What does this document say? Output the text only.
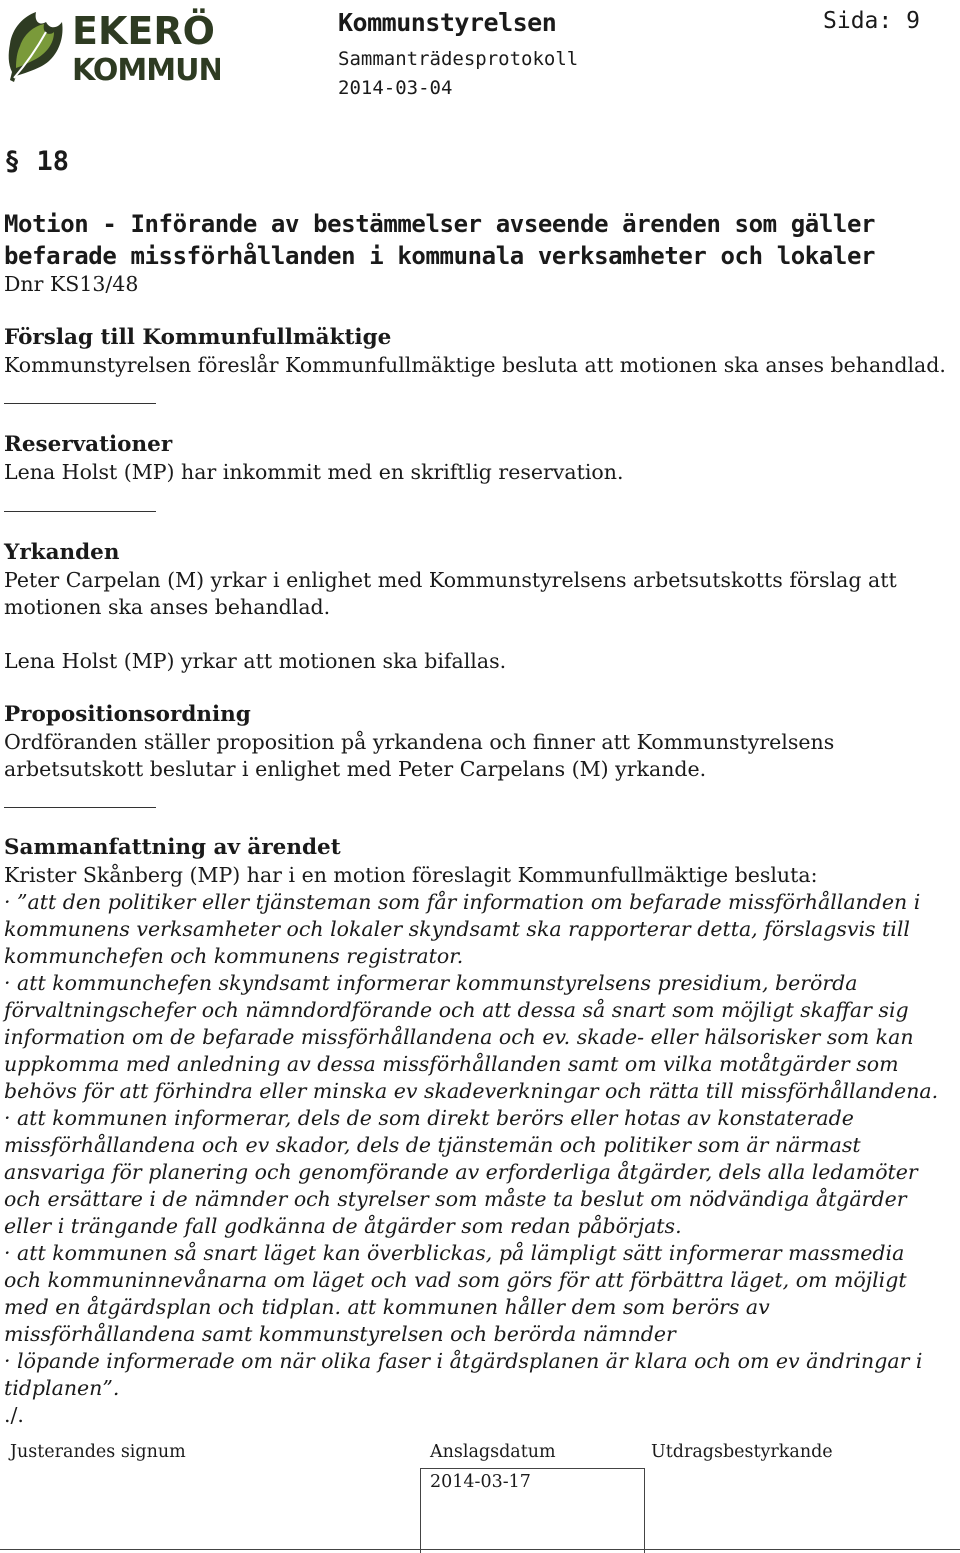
EKERÖ
KOMMUN
Kommunstyrelsen	Sida: 9
Sammanträdesprotokoll
2014-03-04
§ 18
Motion - Införande av bestämmelser avseende ärenden som gäller
befarade missförhållanden i kommunala verksamheter och lokaler
Dnr KS13/48
Förslag till Kommunfullmäktige
Kommunstyrelsen föreslår Kommunfullmäktige besluta att motionen ska anses behandlad.
Reservationer
Lena Holst (MP) har inkommit med en skriftlig reservation.
Yrkanden
Peter Carpelan (M) yrkar i enlighet med Kommunstyrelsens arbetsutskotts förslag att
motionen ska anses behandlad.
Lena Holst (MP) yrkar att motionen ska bifallas.
Propositionsordning
Ordföranden ställer proposition på yrkandena och finner att Kommunstyrelsens
arbetsutskott beslutar i enlighet med Peter Carpelans (M) yrkande.
Sammanfattning av ärendet
Krister Skånberg (MP) har i en motion föreslagit Kommunfullmäktige besluta:
· ”att den politiker eller tjänsteman som får information om befarade missförhållanden i
kommunens verksamheter och lokaler skyndsamt ska rapporterar detta, förslagsvis till
kommunchefen och kommunens registrator.
· att kommunchefen skyndsamt informerar kommunstyrelsens presidium, berörda
förvaltningschefer och nämndordförande och att dessa så snart som möjligt skaffar sig
information om de befarade missförhållandena och ev. skade- eller hälsorisker som kan
uppkomma med anledning av dessa missförhållanden samt om vilka motåtgärder som
behövs för att förhindra eller minska ev skadeverkningar och rätta till missförhållandena.
· att kommunen informerar, dels de som direkt berörs eller hotas av konstaterade
missförhållandena och ev skador, dels de tjänstemän och politiker som är närmast
ansvariga för planering och genomförande av erforderliga åtgärder, dels alla ledamöter
och ersättare i de nämnder och styrelser som måste ta beslut om nödvändiga åtgärder
eller i trängande fall godkänna de åtgärder som redan påbörjats.
· att kommunen så snart läget kan överblickas, på lämpligt sätt informerar massmedia
och kommuninnevånarna om läget och vad som görs för att förbättra läget, om möjligt
med en åtgärdsplan och tidplan. att kommunen håller dem som berörs av
missförhållandena samt kommunstyrelsen och berörda nämnder
· löpande informerade om när olika faser i åtgärdsplanen är klara och om ev ändringar i
tidplanen”.
./.
Justerandes signum	Anslagsdatum	Utdragsbestyrkande
2014-03-17
